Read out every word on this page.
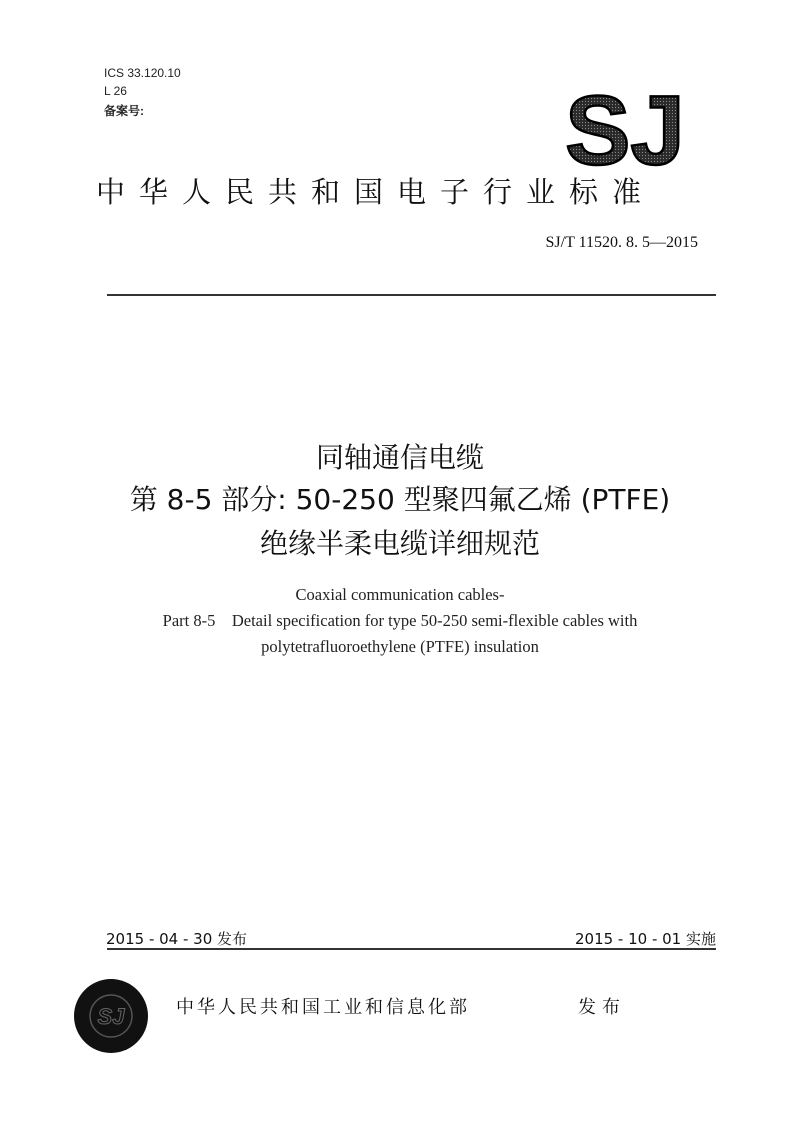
ICS 33.120.10
L 26
备案号:	SJ
中华人民共和国电子行业标准
SJ/T 11520. 8. 5—2015
同轴通信电缆
第 8-5 部分: 50-250 型聚四氟乙烯 (PTFE)
绝缘半柔电缆详细规范
Coaxial communication cables-
Part 8-5    Detail specification for type 50-250 semi-flexible cables with
polytetrafluoroethylene (PTFE) insulation
2015 - 04 - 30 发布	2015 - 10 - 01 实施
SJ	中华人民共和国工业和信息化部	发布
